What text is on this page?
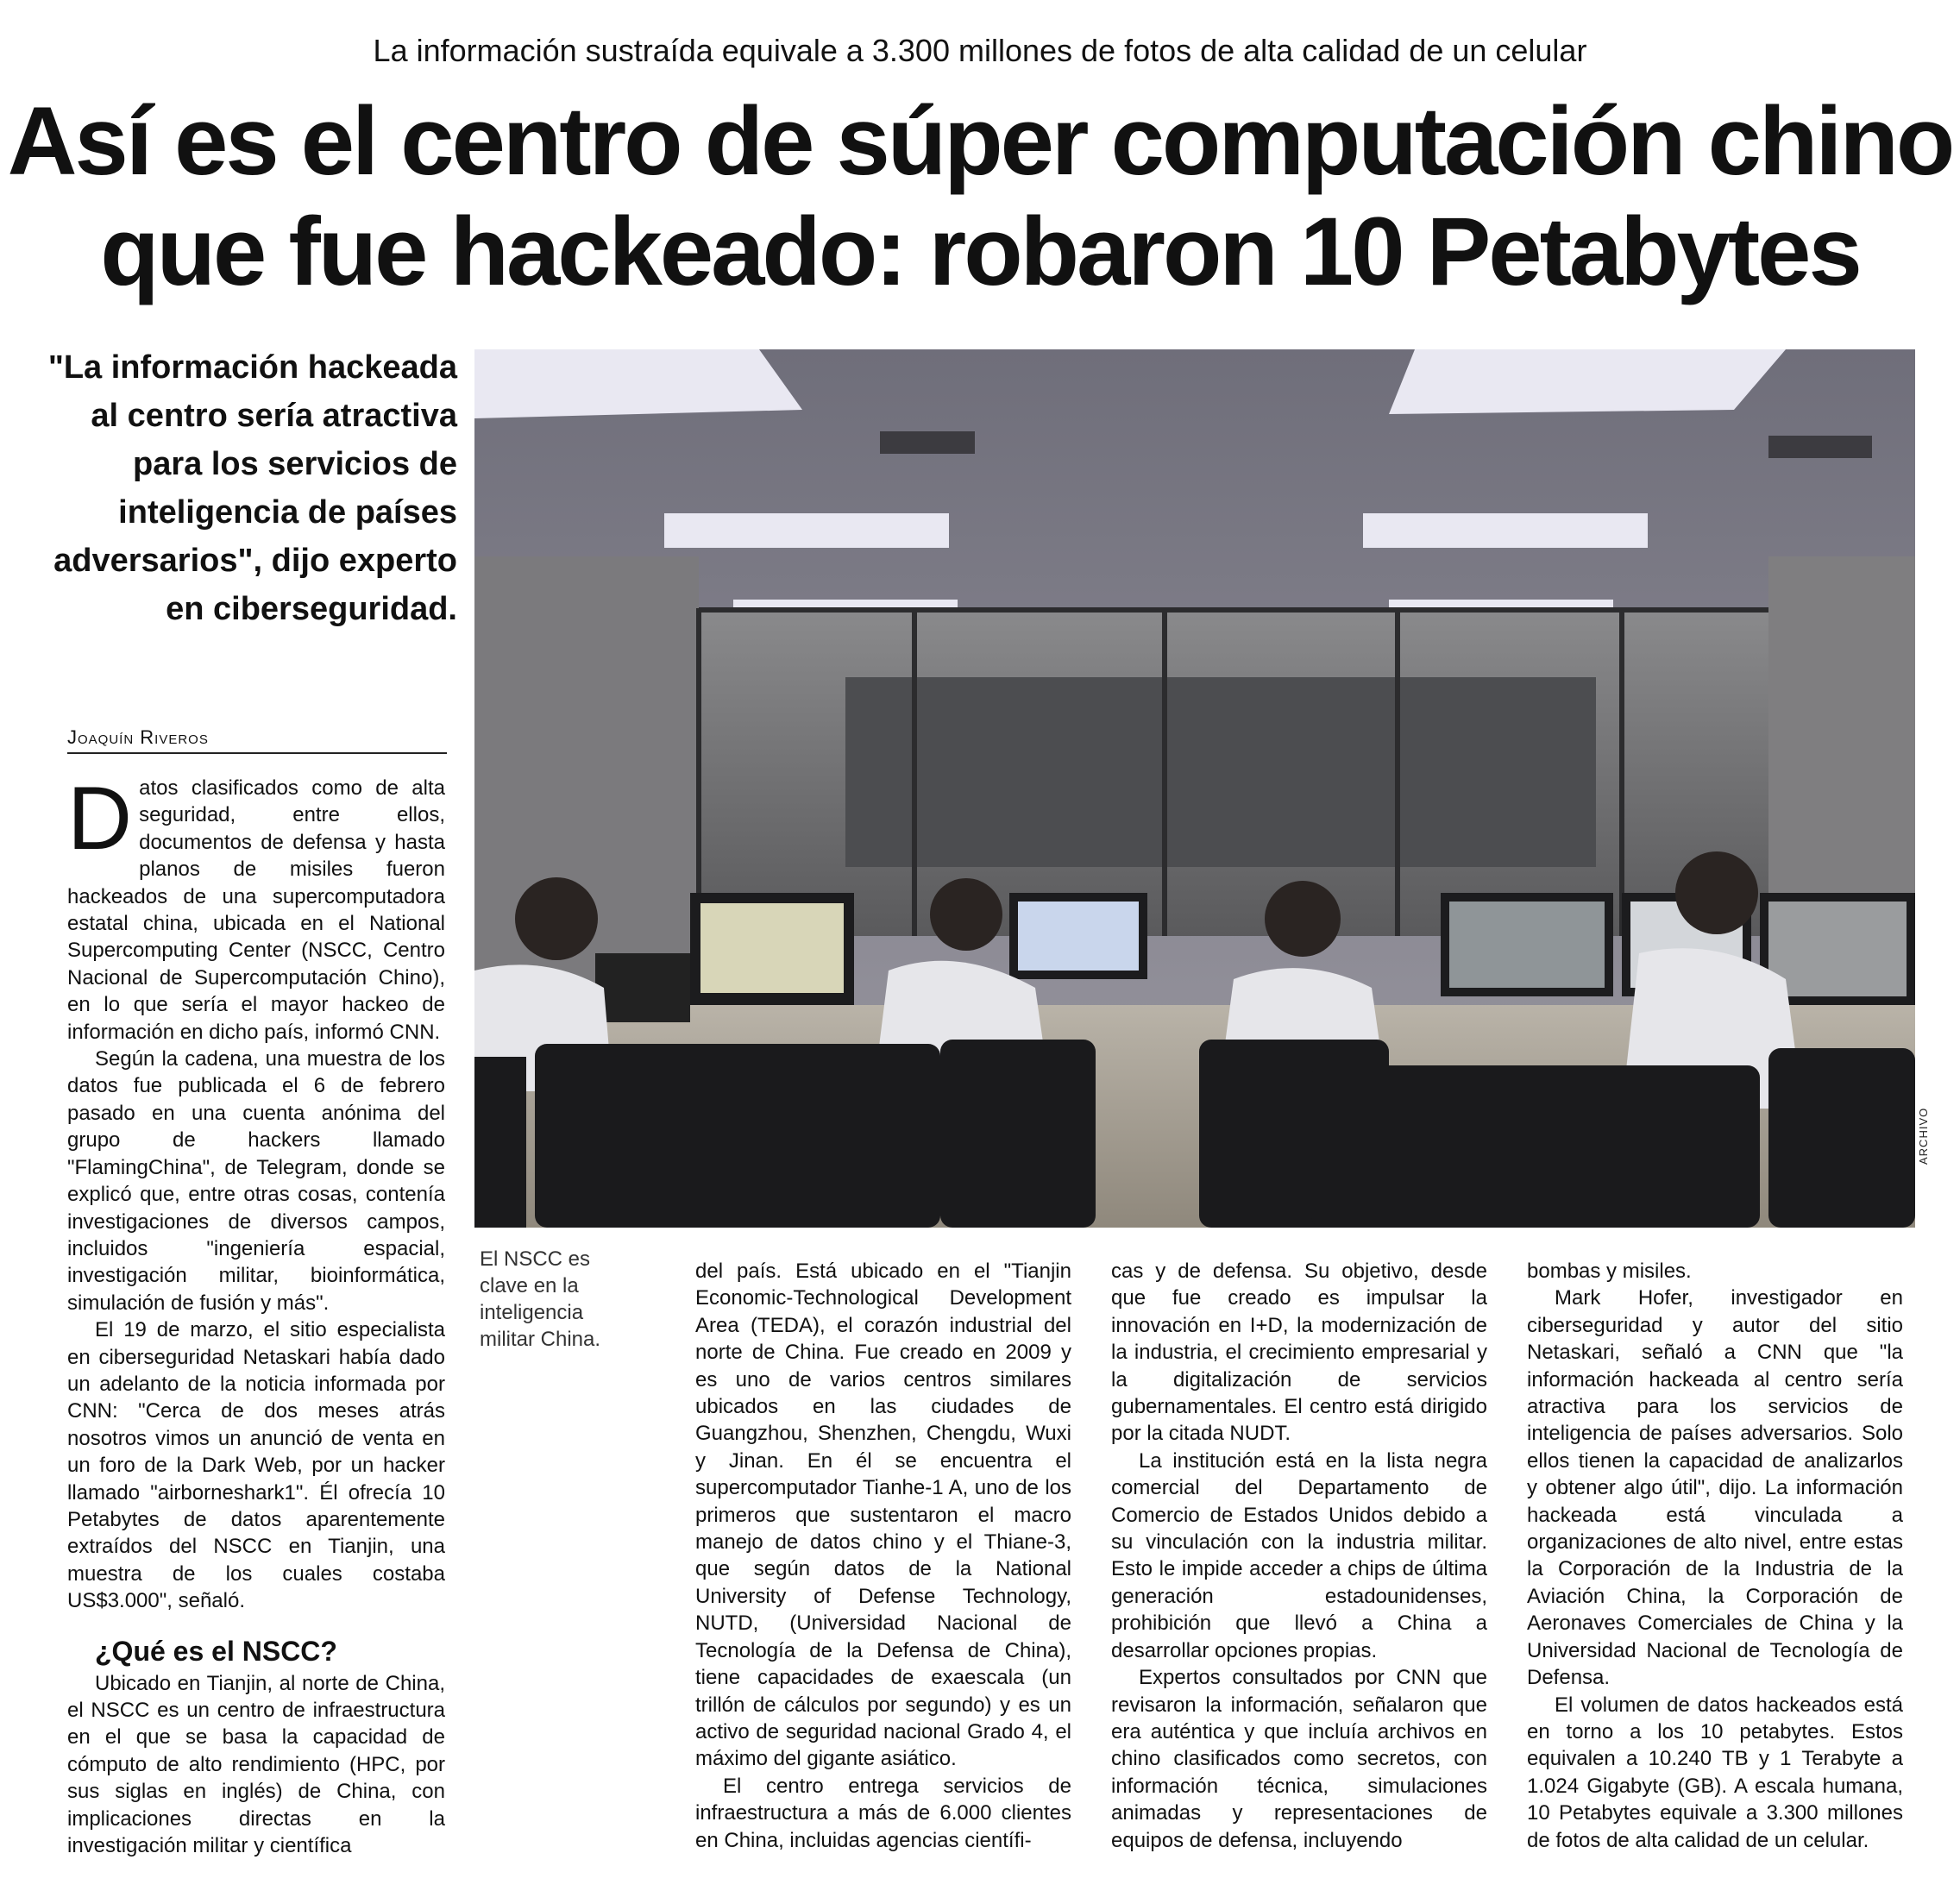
La información sustraída equivale a 3.300 millones de fotos de alta calidad de un celular
Así es el centro de súper computación chino
que fue hackeado: robaron 10 Petabytes
"La información hackeada al centro sería atractiva para los servicios de inteligencia de países adversarios", dijo experto en ciberseguridad.
Joaquín Riveros
ARCHIVO
El NSCC es clave en la inteligencia militar China.

Datos clasificados como de alta seguridad, entre ellos, documentos de defensa y hasta planos de misiles fueron hackeados de una supercomputadora estatal china, ubicada en el National Supercomputing Center (NSCC, Centro Nacional de Supercomputación Chino), en lo que sería el mayor hackeo de información en dicho país, informó CNN.

Según la cadena, una muestra de los datos fue publicada el 6 de febrero pasado en una cuenta anónima del grupo de hackers llamado "FlamingChina", de Telegram, donde se explicó que, entre otras cosas, contenía investigaciones de diversos campos, incluidos "ingeniería espacial, investigación militar, bioinformática, simulación de fusión y más".

El 19 de marzo, el sitio especialista en ciberseguridad Netaskari había dado un adelanto de la noticia informada por CNN: "Cerca de dos meses atrás nosotros vimos un anunció de venta en un foro de la Dark Web, por un hacker llamado "airborneshark1". Él ofrecía 10 Petabytes de datos aparentemente extraídos del NSCC en Tianjin, una muestra de los cuales costaba US$3.000", señaló.

¿Qué es el NSCC?

Ubicado en Tianjin, al norte de China, el NSCC es un centro de infraestructura en el que se basa la capacidad de cómputo de alto rendimiento (HPC, por sus siglas en inglés) de China, con implicaciones directas en la investigación militar y científica

del país. Está ubicado en el "Tianjin Economic-Technological Development Area (TEDA), el corazón industrial del norte de China. Fue creado en 2009 y es uno de varios centros similares ubicados en las ciudades de Guangzhou, Shenzhen, Chengdu, Wuxi y Jinan. En él se encuentra el supercomputador Tianhe-1 A, uno de los primeros que sustentaron el macro manejo de datos chino y el Thiane-3, que según datos de la National University of Defense Technology, NUTD, (Universidad Nacional de Tecnología de la Defensa de China), tiene capacidades de exaescala (un trillón de cálculos por segundo) y es un activo de seguridad nacional Grado 4, el máximo del gigante asiático.

El centro entrega servicios de infraestructura a más de 6.000 clientes en China, incluidas agencias científi-

cas y de defensa. Su objetivo, desde que fue creado es impulsar la innovación en I+D, la modernización de la industria, el crecimiento empresarial y la digitalización de servicios gubernamentales. El centro está dirigido por la citada NUDT.

La institución está en la lista negra comercial del Departamento de Comercio de Estados Unidos debido a su vinculación con la industria militar. Esto le impide acceder a chips de última generación estadounidenses, prohibición que llevó a China a desarrollar opciones propias.

Expertos consultados por CNN que revisaron la información, señalaron que era auténtica y que incluía archivos en chino clasificados como secretos, con información técnica, simulaciones animadas y representaciones de equipos de defensa, incluyendo

bombas y misiles.

Mark Hofer, investigador en ciberseguridad y autor del sitio Netaskari, señaló a CNN que "la información hackeada al centro sería atractiva para los servicios de inteligencia de países adversarios. Solo ellos tienen la capacidad de analizarlos y obtener algo útil", dijo. La información hackeada está vinculada a organizaciones de alto nivel, entre estas la Corporación de la Industria de la Aviación China, la Corporación de Aeronaves Comerciales de China y la Universidad Nacional de Tecnología de Defensa.

El volumen de datos hackeados está en torno a los 10 petabytes. Estos equivalen a 10.240 TB y 1 Terabyte a 1.024 Gigabyte (GB). A escala humana, 10 Petabytes equivale a 3.300 millones de fotos de alta calidad de un celular.
